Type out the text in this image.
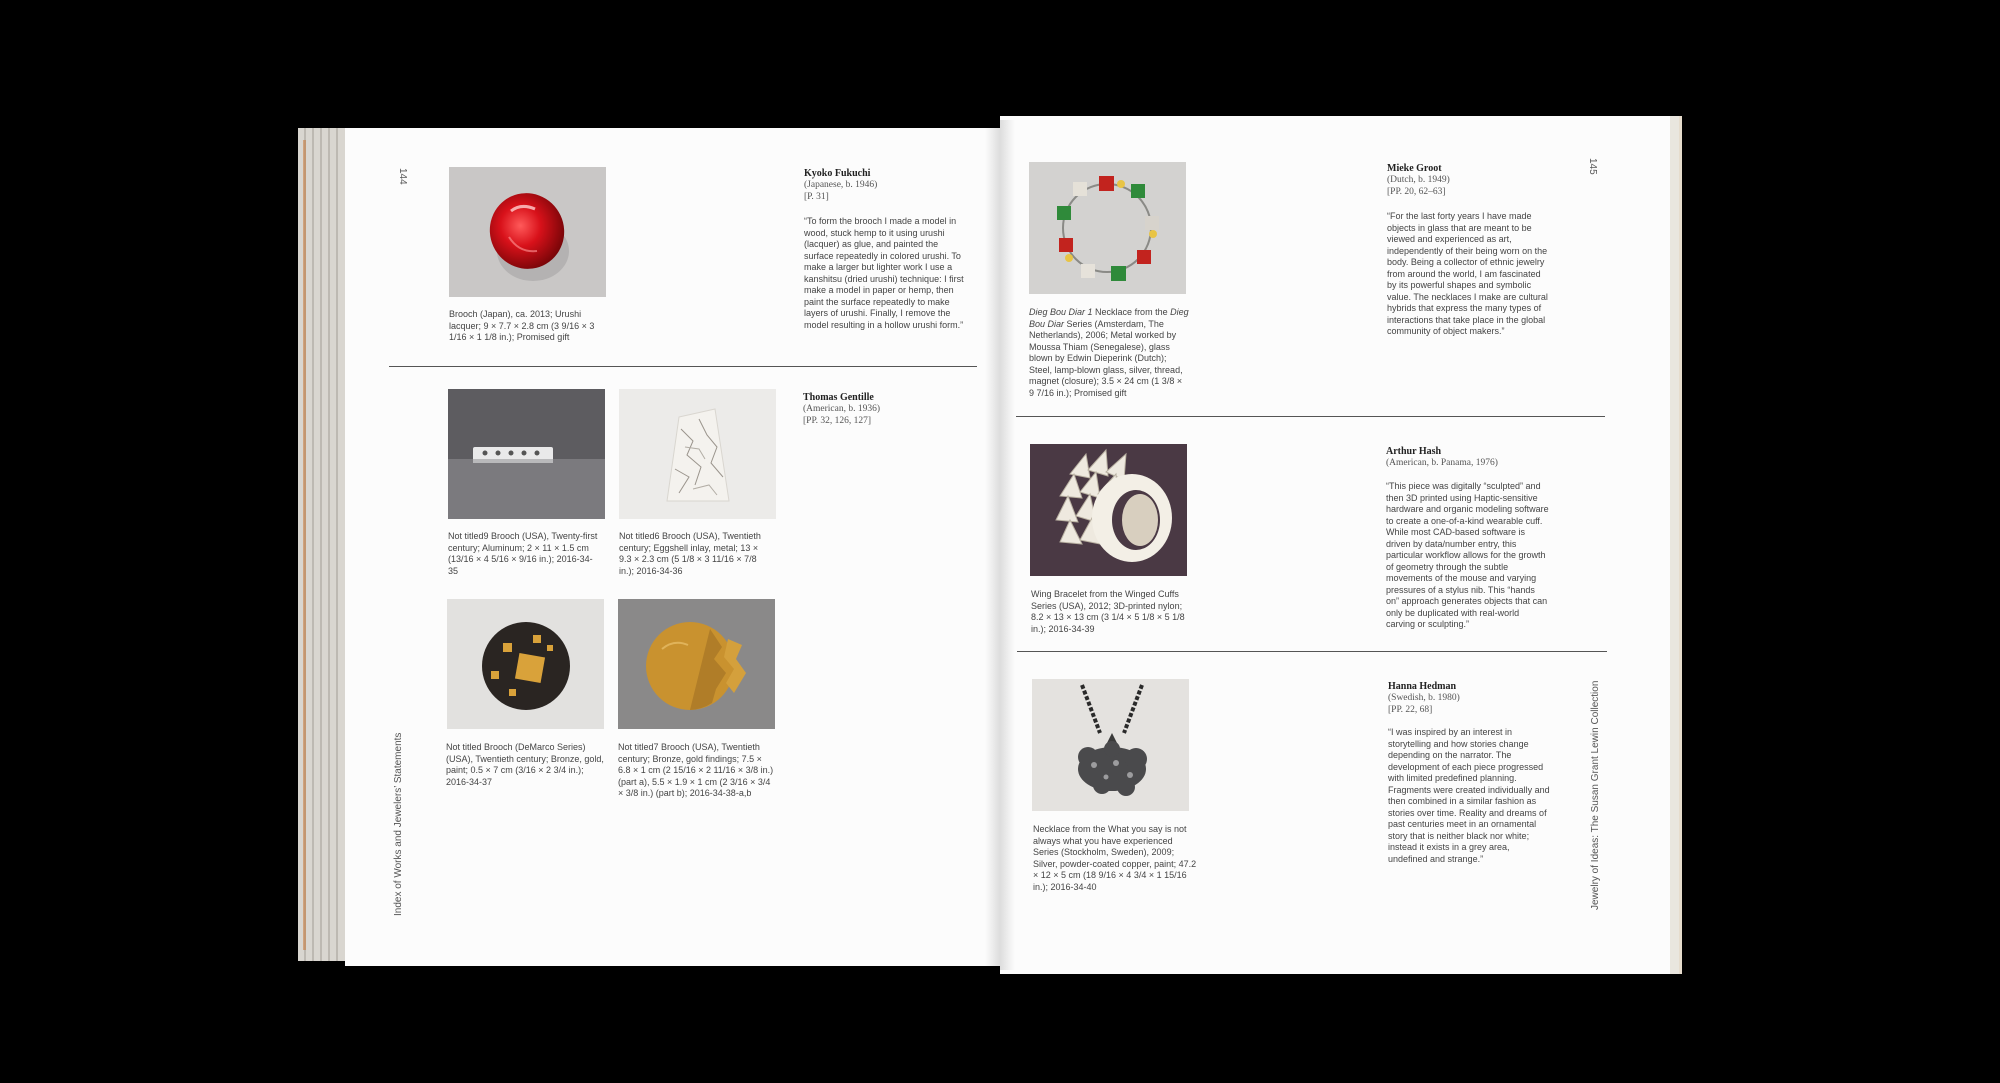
144
Index of Works and Jewelers’ Statements
Brooch (Japan), ca. 2013; Urushi lacquer; 9 × 7.7 × 2.8 cm (3 9/16 × 3 1/16 × 1 1/8 in.); Promised gift
Kyoko Fukuchi
(Japanese, b. 1946)
[P. 31]
“To form the brooch I made a model in wood, stuck hemp to it using urushi (lacquer) as glue, and painted the surface repeatedly in colored urushi. To make a larger but lighter work I use a kanshitsu (dried urushi) technique: I first make a model in paper or hemp, then paint the surface repeatedly to make layers of urushi. Finally, I remove the model resulting in a hollow urushi form.”
Not titled9 Brooch (USA), Twenty-first century; Aluminum; 2 × 11 × 1.5 cm (13/16 × 4 5/16 × 9/16 in.); 2016-34-35
Not titled6 Brooch (USA), Twentieth century; Eggshell inlay, metal; 13 × 9.3 × 2.3 cm (5 1/8 × 3 11/16 × 7/8 in.); 2016-34-36
Not titled Brooch (DeMarco Series) (USA), Twentieth century; Bronze, gold, paint; 0.5 × 7 cm (3/16 × 2 3/4 in.); 2016-34-37
Not titled7 Brooch (USA), Twentieth century; Bronze, gold findings; 7.5 × 6.8 × 1 cm (2 15/16 × 2 11/16 × 3/8 in.) (part a), 5.5 × 1.9 × 1 cm (2 3/16 × 3/4 × 3/8 in.) (part b); 2016-34-38-a,b
Thomas Gentille
(American, b. 1936)
[PP. 32, 126, 127]
145
Jewelry of Ideas: The Susan Grant Lewin Collection
Dieg Bou Diar 1 Necklace from the Dieg Bou Diar Series (Amsterdam, The Netherlands), 2006; Metal worked by Moussa Thiam (Senegalese), glass blown by Edwin Dieperink (Dutch); Steel, lamp-blown glass, silver, thread, magnet (closure); 3.5 × 24 cm (1 3/8 × 9 7/16 in.); Promised gift
Mieke Groot
(Dutch, b. 1949)
[PP. 20, 62–63]
“For the last forty years I have made objects in glass that are meant to be viewed and experienced as art, independently of their being worn on the body. Being a collector of ethnic jewelry from around the world, I am fascinated by its powerful shapes and symbolic value. The necklaces I make are cultural hybrids that express the many types of interactions that take place in the global community of object makers.”
Wing Bracelet from the Winged Cuffs Series (USA), 2012; 3D-printed nylon; 8.2 × 13 × 13 cm (3 1/4 × 5 1/8 × 5 1/8 in.); 2016-34-39
Arthur Hash
(American, b. Panama, 1976)
“This piece was digitally “sculpted” and then 3D printed using Haptic-sensitive hardware and organic modeling software to create a one-of-a-kind wearable cuff. While most CAD-based software is driven by data/number entry, this particular workflow allows for the growth of geometry through the subtle movements of the mouse and varying pressures of a stylus nib. This “hands on” approach generates objects that can only be duplicated with real-world carving or sculpting.”
Necklace from the What you say is not always what you have experienced Series (Stockholm, Sweden), 2009; Silver, powder-coated copper, paint; 47.2 × 12 × 5 cm (18 9/16 × 4 3/4 × 1 15/16 in.); 2016-34-40
Hanna Hedman
(Swedish, b. 1980)
[PP. 22, 68]
“I was inspired by an interest in storytelling and how stories change depending on the narrator. The development of each piece progressed with limited predefined planning. Fragments were created individually and then combined in a similar fashion as stories over time. Reality and dreams of past centuries meet in an ornamental story that is neither black nor white; instead it exists in a grey area, undefined and strange.”
